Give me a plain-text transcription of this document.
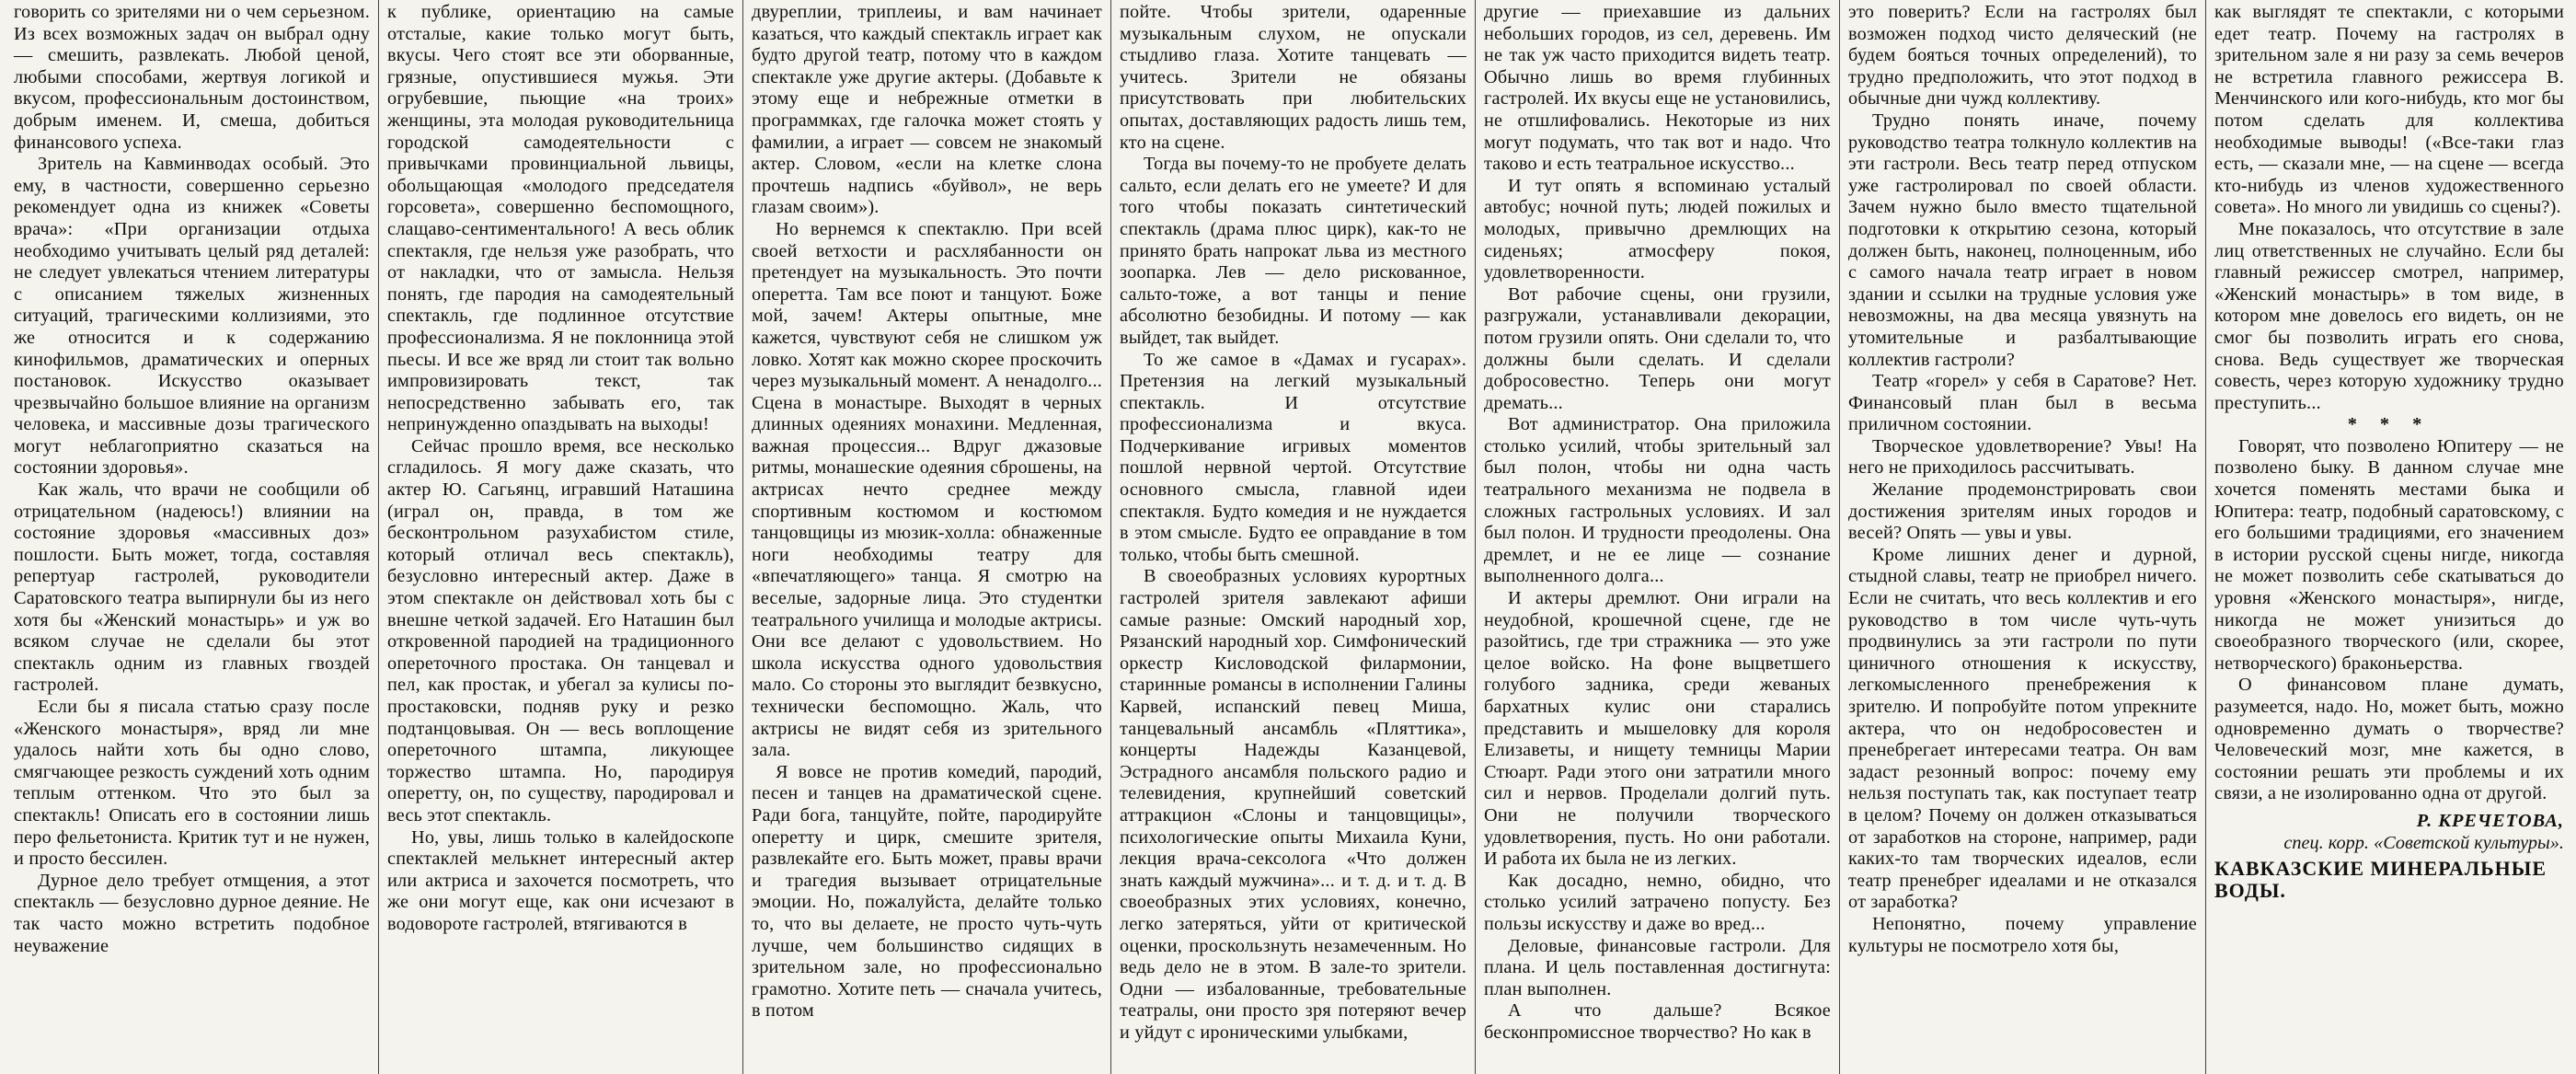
говорить со зрителями ни о чем серьезном. Из всех возможных задач он выбрал одну — смешить, развлекать. Любой ценой, любыми способами, жертвуя логикой и вкусом, профессиональным достоинством, добрым именем. И, смеша, добиться финансового успеха.

Зритель на Кавминводах особый. Это ему, в частности, совершенно серьезно рекомендует одна из книжек «Советы врача»: «При организации отдыха необходимо учитывать целый ряд деталей: не следует увлекаться чтением литературы с описанием тяжелых жизненных ситуаций, трагическими коллизиями, это же относится и к содержанию кинофильмов, драматических и оперных постановок. Искусство оказывает чрезвычайно большое влияние на организм человека, и массивные дозы трагического могут неблагоприятно сказаться на состоянии здоровья».

Как жаль, что врачи не сообщили об отрицательном (надеюсь!) влиянии на состояние здоровья «массивных доз» пошлости. Быть может, тогда, составляя репертуар гастролей, руководители Саратовского театра выпирнули бы из него хотя бы «Женский монастырь» и уж во всяком случае не сделали бы этот спектакль одним из главных гвоздей гастролей.

Если бы я писала статью сразу после «Женского монастыря», вряд ли мне удалось найти хоть бы одно слово, смягчающее резкость суждений хоть одним теплым оттенком. Что это был за спектакль! Описать его в состоянии лишь перо фельетониста. Критик тут и не нужен, и просто бессилен.

Дурное дело требует отмщения, а этот спектакль — безусловно дурное деяние. Не так часто можно встретить подобное неуважение

к публике, ориентацию на самые отсталые, какие только могут быть, вкусы. Чего стоят все эти оборванные, грязные, опустившиеся мужья. Эти огрубевшие, пьющие «на троих» женщины, эта молодая руководительница городской самодеятельности с привычками провинциальной львицы, обольщающая «молодого председателя горсовета», совершенно беспомощного, слащаво-сентиментального! А весь облик спектакля, где нельзя уже разобрать, что от накладки, что от замысла. Нельзя понять, где пародия на самодеятельный спектакль, где подлинное отсутствие профессионализма. Я не поклонница этой пьесы. И все же вряд ли стоит так вольно импровизировать текст, так непосредственно забывать его, так непринужденно опаздывать на выходы!

Сейчас прошло время, все несколько сгладилось. Я могу даже сказать, что актер Ю. Сагьянц, игравший Наташина (играл он, правда, в том же бесконтрольном разухабистом стиле, который отличал весь спектакль), безусловно интересный актер. Даже в этом спектакле он действовал хоть бы с внешне четкой задачей. Его Наташин был откровенной пародией на традиционного опереточного простака. Он танцевал и пел, как простак, и убегал за кулисы по-простаковски, подняв руку и резко подтанцовывая. Он — весь воплощение опереточного штампа, ликующее торжество штампа. Но, пародируя оперетту, он, по существу, пародировал и весь этот спектакль.

Но, увы, лишь только в калейдоскопе спектаклей мелькнет интересный актер или актриса и захочется посмотреть, что же они могут еще, как они исчезают в водовороте гастролей, втягиваются в

двуреплии, триплеиы, и вам начинает казаться, что каждый спектакль играет как будто другой театр, потому что в каждом спектакле уже другие актеры. (Добавьте к этому еще и небрежные отметки в программках, где галочка может стоять у фамилии, а играет — совсем не знакомый актер. Словом, «если на клетке слона прочтешь надпись «буйвол», не верь глазам своим»).

Но вернемся к спектаклю. При всей своей ветхости и расхлябанности он претендует на музыкальность. Это почти оперетта. Там все поют и танцуют. Боже мой, зачем! Актеры опытные, мне кажется, чувствуют себя не слишком уж ловко. Хотят как можно скорее проскочить через музыкальный момент. А ненадолго... Сцена в монастыре. Выходят в черных длинных одеяниях монахини. Медленная, важная процессия... Вдруг джазовые ритмы, монашеские одеяния сброшены, на актрисах нечто среднее между спортивным костюмом и костюмом танцовщицы из мюзик-холла: обнаженные ноги необходимы театру для «впечатляющего» танца. Я смотрю на веселые, задорные лица. Это студентки театрального училища и молодые актрисы. Они все делают с удовольствием. Но школа искусства одного удовольствия мало. Со стороны это выглядит безвкусно, технически беспомощно. Жаль, что актрисы не видят себя из зрительного зала.

Я вовсе не против комедий, пародий, песен и танцев на драматической сцене. Ради бога, танцуйте, пойте, пародируйте оперетту и цирк, смешите зрителя, развлекайте его. Быть может, правы врачи и трагедия вызывает отрицательные эмоции. Но, пожалуйста, делайте только то, что вы делаете, не просто чуть-чуть лучше, чем большинство сидящих в зрительном зале, но профессионально грамотно. Хотите петь — сначала учитесь, в потом

пойте. Чтобы зрители, одаренные музыкальным слухом, не опускали стыдливо глаза. Хотите танцевать — учитесь. Зрители не обязаны присутствовать при любительских опытах, доставляющих радость лишь тем, кто на сцене.

Тогда вы почему-то не пробуете делать сальто, если делать его не умеете? И для того чтобы показать синтетический спектакль (драма плюс цирк), как-то не принято брать напрокат льва из местного зоопарка. Лев — дело рискованное, сальто-тоже, а вот танцы и пение абсолютно безобидны. И потому — как выйдет, так выйдет.

То же самое в «Дамах и гусарах». Претензия на легкий музыкальный спектакль. И отсутствие профессионализма и вкуса. Подчеркивание игривых моментов пошлой нервной чертой. Отсутствие основного смысла, главной идеи спектакля. Будто комедия и не нуждается в этом смысле. Будто ее оправдание в том только, чтобы быть смешной.

В своеобразных условиях курортных гастролей зрителя завлекают афиши самые разные: Омский народный хор, Рязанский народный хор. Симфонический оркестр Кисловодской филармонии, старинные романсы в исполнении Галины Карвей, испанский певец Миша, танцевальный ансамбль «Пляттика», концерты Надежды Казанцевой, Эстрадного ансамбля польского радио и телевидения, крупнейший советский аттракцион «Слоны и танцовщицы», психологические опыты Михаила Куни, лекция врача-сексолога «Что должен знать каждый мужчина»... и т. д. и т. д. В своеобразных этих условиях, конечно, легко затеряться, уйти от критической оценки, проскользнуть незамеченным. Но ведь дело не в этом. В зале-то зрители. Одни — избалованные, требовательные театралы, они просто зря потеряют вечер и уйдут с ироническими улыбками,

другие — приехавшие из дальних небольших городов, из сел, деревень. Им не так уж часто приходится видеть театр. Обычно лишь во время глубинных гастролей. Их вкусы еще не установились, не отшлифовались. Некоторые из них могут подумать, что так вот и надо. Что таково и есть театральное искусство...

И тут опять я вспоминаю усталый автобус; ночной путь; людей пожилых и молодых, привычно дремлющих на сиденьях; атмосферу покоя, удовлетворенности.

Вот рабочие сцены, они грузили, разгружали, устанавливали декорации, потом грузили опять. Они сделали то, что должны были сделать. И сделали добросовестно. Теперь они могут дремать...

Вот администратор. Она приложила столько усилий, чтобы зрительный зал был полон, чтобы ни одна часть театрального механизма не подвела в сложных гастрольных условиях. И зал был полон. И трудности преодолены. Она дремлет, и не ее лице — сознание выполненного долга...

И актеры дремлют. Они играли на неудобной, крошечной сцене, где не разойтись, где три стражника — это уже целое войско. На фоне выцветшего голубого задника, среди жеваных бархатных кулис они старались представить и мышеловку для короля Елизаветы, и нищету темницы Марии Стюарт. Ради этого они затратили много сил и нервов. Проделали долгий путь. Они не получили творческого удовлетворения, пусть. Но они работали. И работа их была не из легких.

Как досадно, немно, обидно, что столько усилий затрачено попусту. Без пользы искусству и даже во вред...

Деловые, финансовые гастроли. Для плана. И цель поставленная достигнута: план выполнен.

А что дальше? Всякое бесконпромиссное творчество? Но как в

это поверить? Если на гастролях был возможен подход чисто деляческий (не будем бояться точных определений), то трудно предположить, что этот подход в обычные дни чужд коллективу.

Трудно понять иначе, почему руководство театра толкнуло коллектив на эти гастроли. Весь театр перед отпуском уже гастролировал по своей области. Зачем нужно было вместо тщательной подготовки к открытию сезона, который должен быть, наконец, полноценным, ибо с самого начала театр играет в новом здании и ссылки на трудные условия уже невозможны, на два месяца увязнуть на утомительные и разбалтывающие коллектив гастроли?

Театр «горел» у себя в Саратове? Нет. Финансовый план был в весьма приличном состоянии.

Творческое удовлетворение? Увы! На него не приходилось рассчитывать.

Желание продемонстрировать свои достижения зрителям иных городов и весей? Опять — увы и увы.

Кроме лишних денег и дурной, стыдной славы, театр не приобрел ничего. Если не считать, что весь коллектив и его руководство в том числе чуть-чуть продвинулись за эти гастроли по пути циничного отношения к искусству, легкомысленного пренебрежения к зрителю. И попробуйте потом упрекните актера, что он недобросовестен и пренебрегает интересами театра. Он вам задаст резонный вопрос: почему ему нельзя поступать так, как поступает театр в целом? Почему он должен отказываться от заработков на стороне, например, ради каких-то там творческих идеалов, если театр пренебрег идеалами и не отказался от заработка?

Непонятно, почему управление культуры не посмотрело хотя бы,

как выглядят те спектакли, с которыми едет театр. Почему на гастролях в зрительном зале я ни разу за семь вечеров не встретила главного режиссера В. Менчинского или кого-нибудь, кто мог бы потом сделать для коллектива необходимые выводы! («Все-таки глаз есть, — сказали мне, — на сцене — всегда кто-нибудь из членов художественного совета». Но много ли увидишь со сцены?).

Мне показалось, что отсутствие в зале лиц ответственных не случайно. Если бы главный режиссер смотрел, например, «Женский монастырь» в том виде, в котором мне довелось его видеть, он не смог бы позволить играть его снова, снова. Ведь существует же творческая совесть, через которую художнику трудно преступить...

* * *

Говорят, что позволено Юпитеру — не позволено быку. В данном случае мне хочется поменять местами быка и Юпитера: театр, подобный саратовскому, с его большими традициями, его значением в истории русской сцены нигде, никогда не может позволить себе скатываться до уровня «Женского монастыря», нигде, никогда не может унизиться до своеобразного творческого (или, скорее, нетворческого) браконьерства.

О финансовом плане думать, разумеется, надо. Но, может быть, можно одновременно думать о творчестве? Человеческий мозг, мне кажется, в состоянии решать эти проблемы и их связи, а не изолированно одна от другой.

Р. КРЕЧЕТОВА,
спец. корр. «Советской культуры».
КАВКАЗСКИЕ МИНЕРАЛЬНЫЕ ВОДЫ.
